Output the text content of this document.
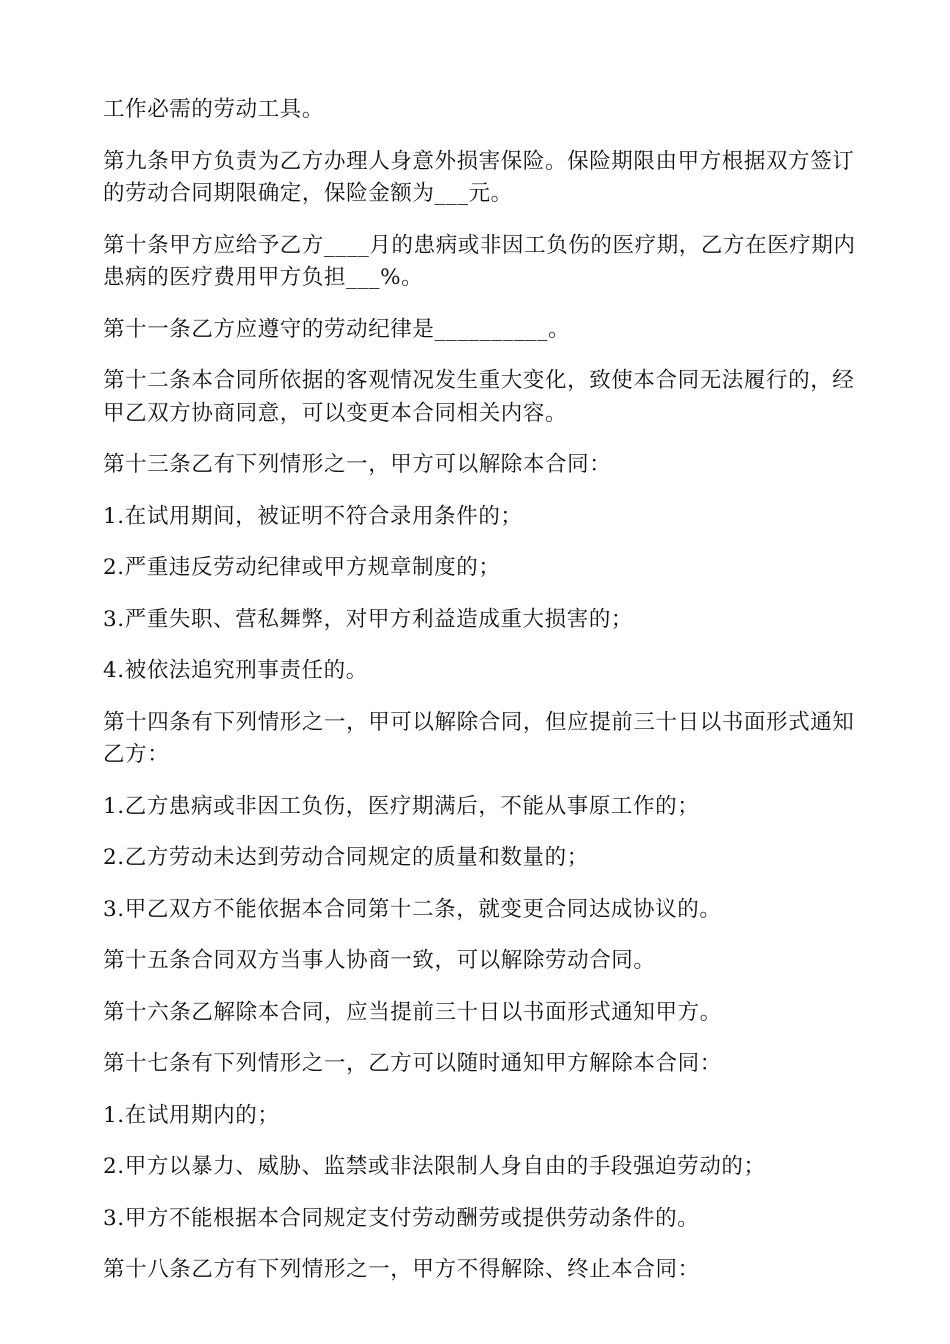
工作必需的劳动工具。

第九条甲方负责为乙方办理人身意外损害保险。保险期限由甲方根据双方签订的劳动合同期限确定，保险金额为___元。

第十条甲方应给予乙方____月的患病或非因工负伤的医疗期，乙方在医疗期内患病的医疗费用甲方负担___%。

第十一条乙方应遵守的劳动纪律是__________。

第十二条本合同所依据的客观情况发生重大变化，致使本合同无法履行的，经甲乙双方协商同意，可以变更本合同相关内容。

第十三条乙有下列情形之一，甲方可以解除本合同：

1.在试用期间，被证明不符合录用条件的；

2.严重违反劳动纪律或甲方规章制度的；

3.严重失职、营私舞弊，对甲方利益造成重大损害的；

4.被依法追究刑事责任的。

第十四条有下列情形之一，甲可以解除合同，但应提前三十日以书面形式通知乙方：

1.乙方患病或非因工负伤，医疗期满后，不能从事原工作的；

2.乙方劳动未达到劳动合同规定的质量和数量的；

3.甲乙双方不能依据本合同第十二条，就变更合同达成协议的。

第十五条合同双方当事人协商一致，可以解除劳动合同。

第十六条乙解除本合同，应当提前三十日以书面形式通知甲方。

第十七条有下列情形之一，乙方可以随时通知甲方解除本合同：

1.在试用期内的；

2.甲方以暴力、威胁、监禁或非法限制人身自由的手段强迫劳动的；

3.甲方不能根据本合同规定支付劳动酬劳或提供劳动条件的。

第十八条乙方有下列情形之一，甲方不得解除、终止本合同：
